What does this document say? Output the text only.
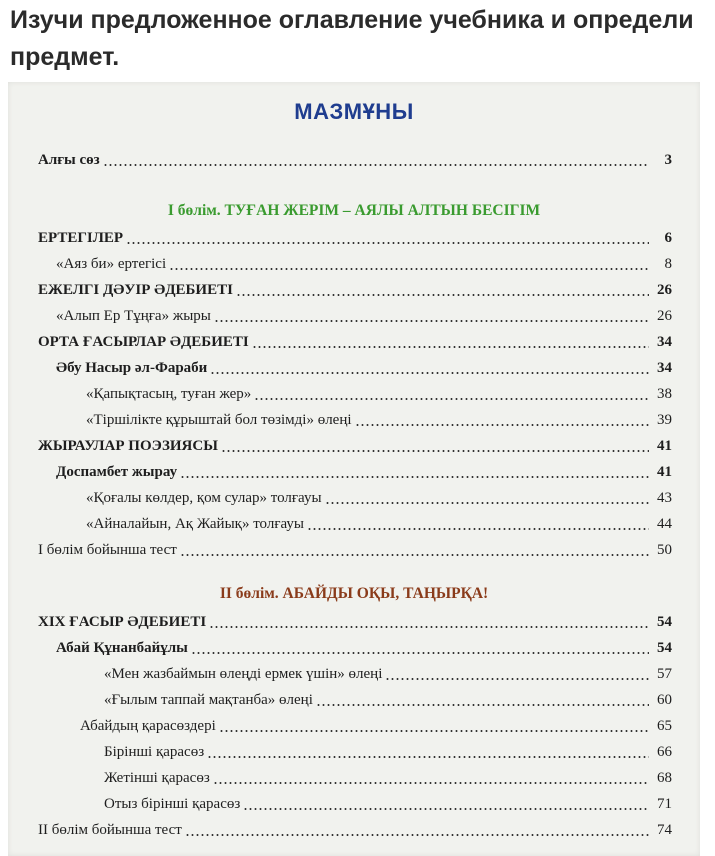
Изучи предложенное оглавление учебника и определи предмет.
МАЗМҰНЫ
Алғы сөз	3
I бөлім. ТУҒАН ЖЕРІМ – АЯЛЫ АЛТЫН БЕСІГІМ
ЕРТЕГІЛЕР	6
«Аяз би» ертегісі	8
ЕЖЕЛГІ ДӘУІР ӘДЕБИЕТІ	26
«Алып Ер Тұңға» жыры	26
ОРТА ҒАСЫРЛАР ӘДЕБИЕТІ	34
Әбу Насыр әл-Фараби	34
«Қапықтасың, туған жер»	38
«Тіршілікте құрыштай бол төзімді» өлеңі	39
ЖЫРАУЛАР ПОЭЗИЯСЫ	41
Доспамбет жырау	41
«Қоғалы көлдер, қом сулар» толғауы	43
«Айналайын, Ақ Жайық» толғауы	44
I бөлім бойынша тест	50
II бөлім. АБАЙДЫ ОҚЫ, ТАҢЫРҚА!
XIX ҒАСЫР ӘДЕБИЕТІ	54
Абай Құнанбайұлы	54
«Мен жазбаймын өлеңді ермек үшін» өлеңі	57
«Ғылым таппай мақтанба» өлеңі	60
Абайдың қарасөздері	65
Бірінші қарасөз	66
Жетінші қарасөз	68
Отыз бірінші қарасөз	71
II бөлім бойынша тест	74
